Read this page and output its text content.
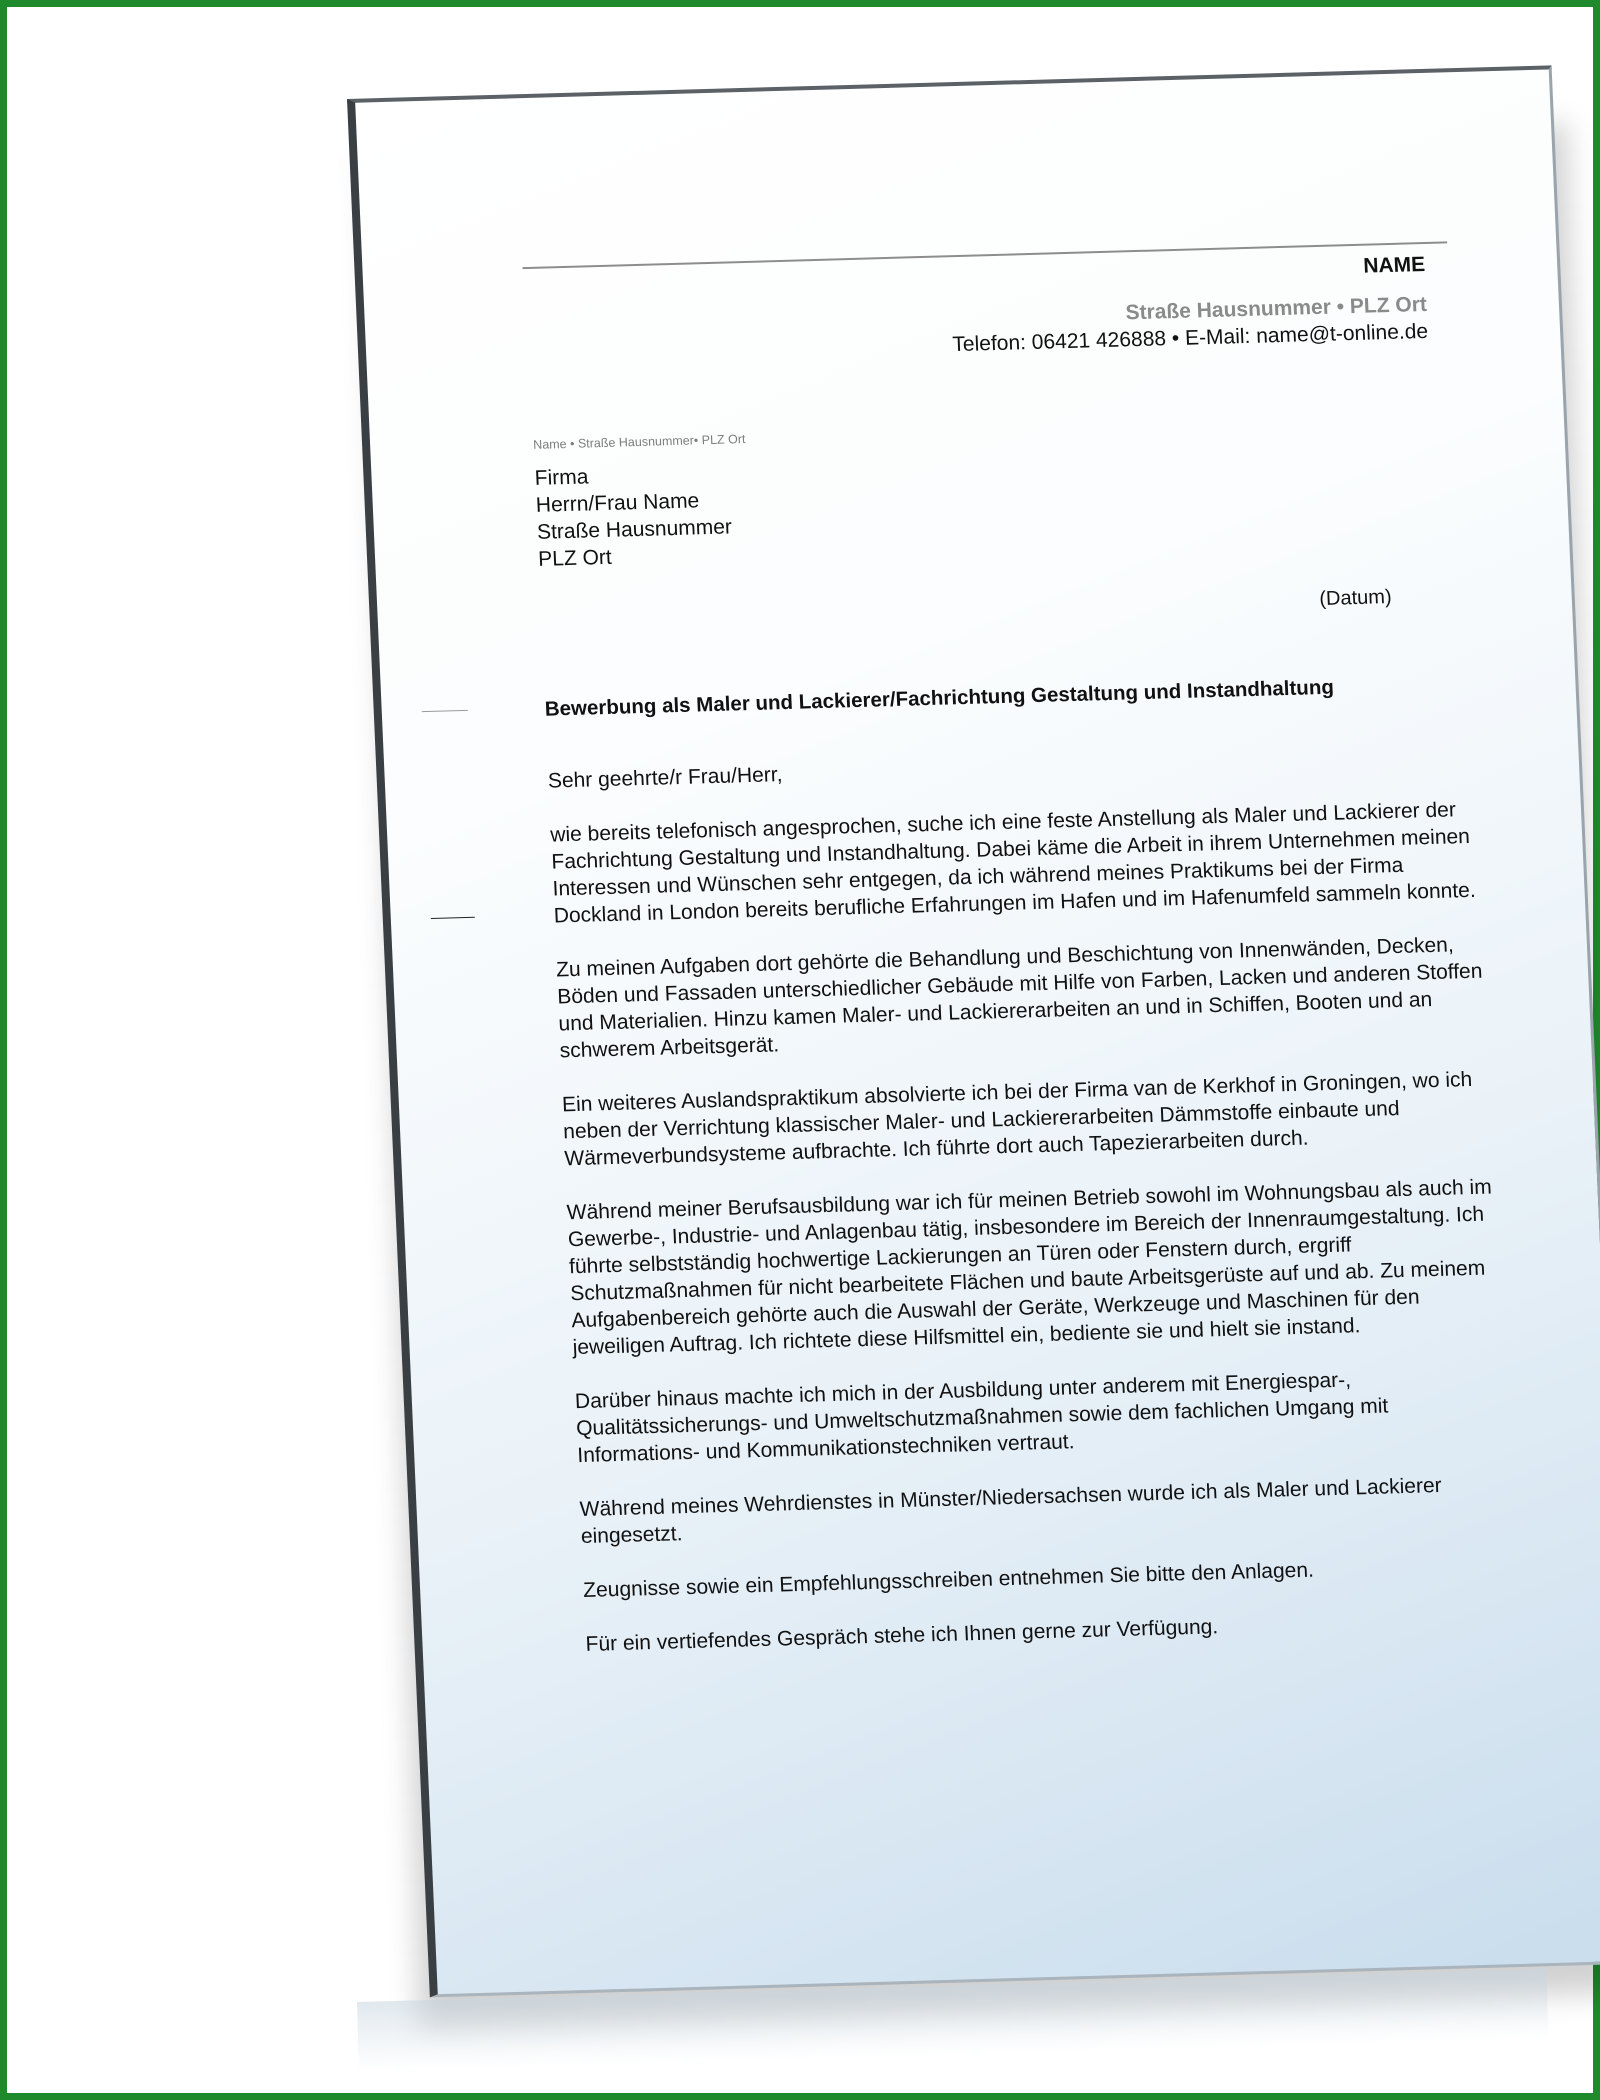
NAME
Straße Hausnummer • PLZ Ort
Telefon: 06421 426888 • E-Mail: name@t-online.de
Name • Straße Hausnummer• PLZ Ort
Firma
Herrn/Frau Name
Straße Hausnummer
PLZ Ort
(Datum)
Bewerbung als Maler und Lackierer/Fachrichtung Gestaltung und Instandhaltung

Sehr geehrte/r Frau/Herr,

wie bereits telefonisch angesprochen, suche ich eine feste Anstellung als Maler und Lackierer der Fachrichtung Gestaltung und Instandhaltung. Dabei käme die Arbeit in ihrem Unternehmen meinen Interessen und Wünschen sehr entgegen, da ich während meines Praktikums bei der Firma Dockland in London bereits berufliche Erfahrungen im Hafen und im Hafenumfeld sammeln konnte.

Zu meinen Aufgaben dort gehörte die Behandlung und Beschichtung von Innenwänden, Decken, Böden und Fassaden unterschiedlicher Gebäude mit Hilfe von Farben, Lacken und anderen Stoffen und Materialien. Hinzu kamen Maler- und Lackiererarbeiten an und in Schiffen, Booten und an schwerem Arbeitsgerät.

Ein weiteres Auslandspraktikum absolvierte ich bei der Firma van de Kerkhof in Groningen, wo ich neben der Verrichtung klassischer Maler- und Lackiererarbeiten Dämmstoffe einbaute und Wärmeverbundsysteme aufbrachte. Ich führte dort auch Tapezierarbeiten durch.

Während meiner Berufsausbildung war ich für meinen Betrieb sowohl im Wohnungsbau als auch im Gewerbe-, Industrie- und Anlagenbau tätig, insbesondere im Bereich der Innenraumgestaltung. Ich führte selbstständig hochwertige Lackierungen an Türen oder Fenstern durch, ergriff Schutzmaßnahmen für nicht bearbeitete Flächen und baute Arbeitsgerüste auf und ab. Zu meinem Aufgabenbereich gehörte auch die Auswahl der Geräte, Werkzeuge und Maschinen für den jeweiligen Auftrag. Ich richtete diese Hilfsmittel ein, bediente sie und hielt sie instand.

Darüber hinaus machte ich mich in der Ausbildung unter anderem mit Energiespar-, Qualitätssicherungs- und Umweltschutzmaßnahmen sowie dem fachlichen Umgang mit Informations- und Kommunikationstechniken vertraut.

Während meines Wehrdienstes in Münster/Niedersachsen wurde ich als Maler und Lackierer eingesetzt.

Zeugnisse sowie ein Empfehlungsschreiben entnehmen Sie bitte den Anlagen.

Für ein vertiefendes Gespräch stehe ich Ihnen gerne zur Verfügung.
